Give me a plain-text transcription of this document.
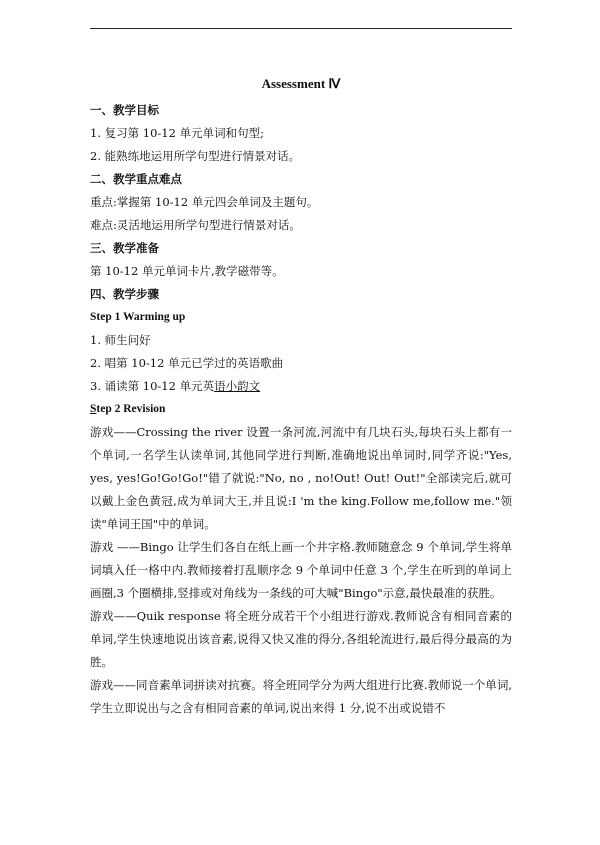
Assessment Ⅳ

一、教学目标

1. 复习第 10-12 单元单词和句型;

2. 能熟练地运用所学句型进行情景对话。

二、教学重点难点

重点:掌握第 10-12 单元四会单词及主题句。

难点:灵活地运用所学句型进行情景对话。

三、教学准备

第 10-12 单元单词卡片,教学磁带等。

四、教学步骤

Step 1 Warming up

1. 师生问好

2. 唱第 10-12 单元已学过的英语歌曲

3. 诵读第 10-12 单元英语小韵文

Step 2 Revision

游戏——Crossing the river 设置一条河流,河流中有几块石头,每块石头上都有一个单词,一名学生认读单词,其他同学进行判断,准确地说出单词时,同学齐说:"Yes, yes, yes!Go!Go!Go!"错了就说:"No, no , no!Out! Out! Out!"全部读完后,就可以戴上金色黄冠,成为单词大王,并且说:I 'm the king.Follow me,follow me."领读"单词王国"中的单词。

游戏 ——Bingo 让学生们各自在纸上画一个井字格.教师随意念 9 个单词,学生将单词填入任一格中内.教师接着打乱顺序念 9 个单词中任意 3 个,学生在听到的单词上画圈,3 个圈横排,竖排或对角线为一条线的可大喊"Bingo"示意,最快最准的获胜。

游戏——Quik response 将全班分成若干个小组进行游戏.教师说含有相同音素的单词,学生快速地说出该音素,说得又快又准的得分,各组轮流进行,最后得分最高的为胜。

游戏——同音素单词拼读对抗赛。将全班同学分为两大组进行比赛.教师说一个单词,学生立即说出与之含有相同音素的单词,说出来得 1 分,说不出或说错不
